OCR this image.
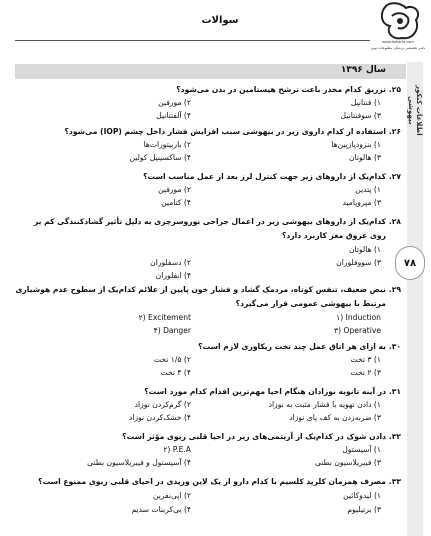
سوالات
www.baharfa.com
ناشر تخصصی پزشکی مطبوعات نوین
اطلاعات کنکور بیهوشی
۷۸
سال ۱۳۹۶
۲۵.
تزریق کدام مخدر باعث ترشح هیستامین در بدن می‌شود؟
۱) فنتانیل
۲) مورفین
۳) سوفنتانیل
۴) آلفنتانیل
۲۶.
استفاده از کدام داروی زیر در بیهوشی سبب افزایش فشار داخل چشم (IOP) می‌شود؟
۱) بنزودیازپین‌ها
۲) باربیتورات‌ها
۳) هالوتان
۴) ساکسینیل کولین
۲۷.
کدام‌یک از داروهای زیر جهت کنترل لرز بعد از عمل مناسب است؟
۱) پتدین
۲) مورفین
۳) مپروپامید
۴) کتامین
۲۸.
کدام‌یک از داروهای بیهوشی زیر در اعمال جراحی نوروسرجری به دلیل تأثیر گشادکنندگی کم بر
روی عروق مغز کاربرد دارد؟
۱) هالوتان
۲) دسفلوران	۳) سووفلوران
۴) انفلوران
۲۹.
نبض ضعیف، تنفس کوتاه، مردمک گشاد و فشار خون پایین از علائم کدام‌یک از سطوح عدم هوشیاری
مرتبط با بیهوشی عمومی قرار می‌گیرد؟
۱) Induction
۲) Excitement
۳) Operative
۴) Danger
۳۰.
به ازای هر اتاق عمل چند تخت ریکاوری لازم است؟
۱) ۳ تخت
۲) ۱/۵ تخت
۳) ۲ تخت
۴) ۴ تخت
۳۱.
در آینه تانویه نوزادان هنگام احیا مهم‌ترین اقدام کدام مورد است؟
۱) دادن تهویه با فشار مثبت به نوزاد
۲) گرم‌کردن نوزاد
۳) ضربه‌زدن به کف پای نوزاد
۴) خشک‌کردن نوزاد
۳۲.
دادن شوک در کدام‌یک از آریتمی‌های زیر در احیا قلبی ریوی مؤثر است؟
۱) آسیستول
۲) P.E.A
۳) فیبریلاسیون بطنی
۴) آسیستول و فیبریلاسیون بطنی
۳۳.
مصرف همزمان کلرید کلسیم با کدام دارو از یک لاین وریدی در احیای قلبی ریوی ممنوع است؟
۱) لیدوکائین
۲) اپی‌نفرین
۳) برتیلیوم
۴) بی‌کربنات سدیم
